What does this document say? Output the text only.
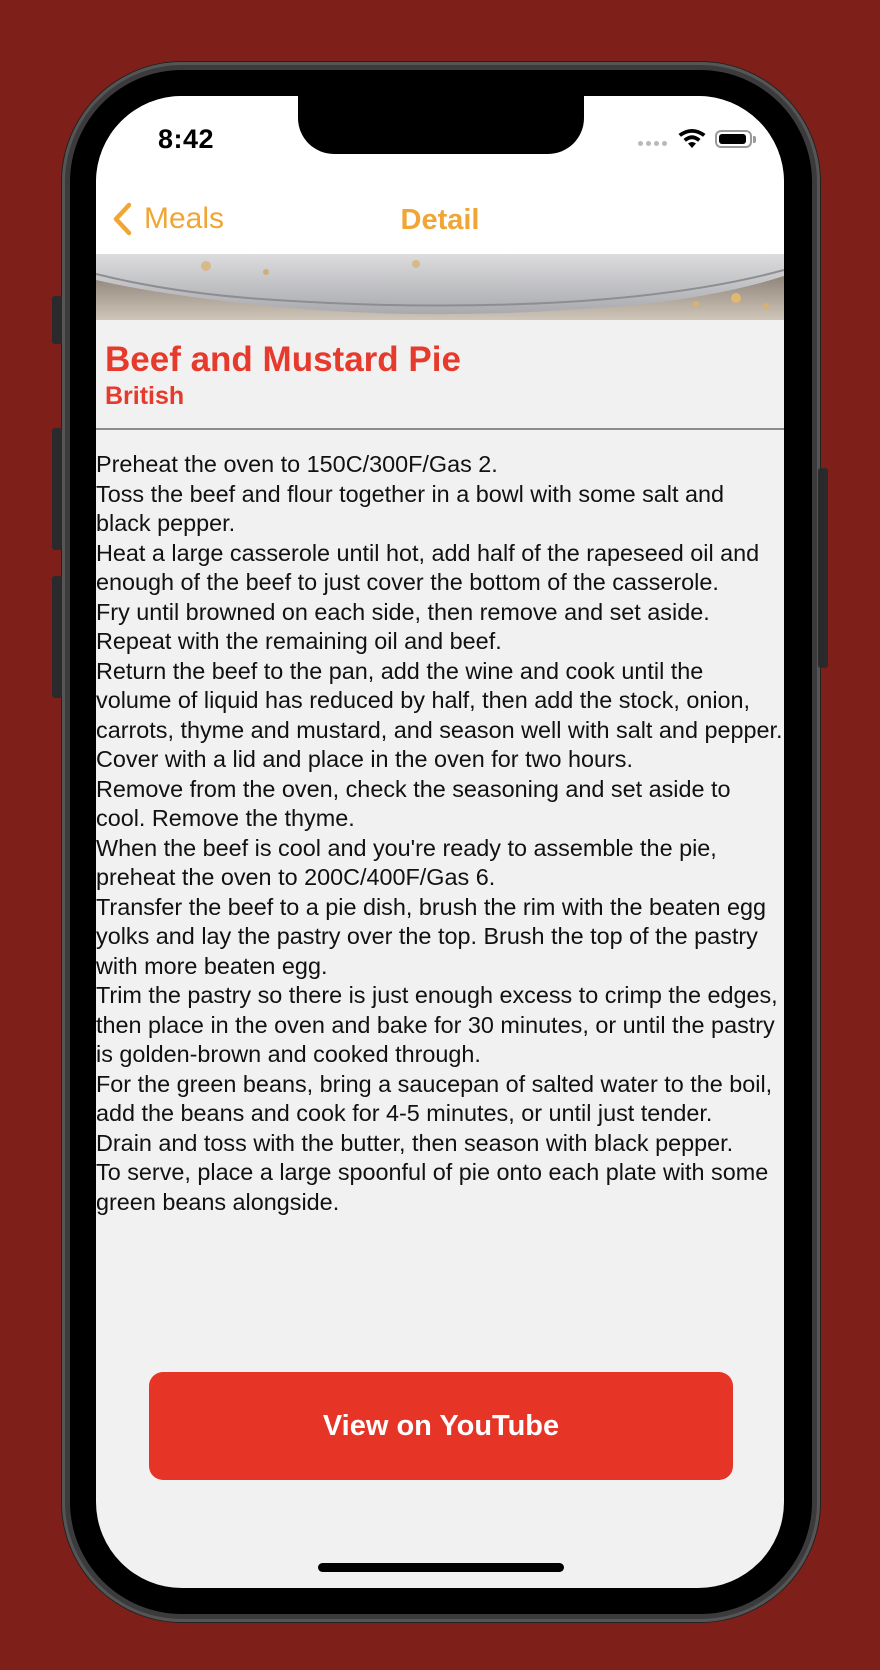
8:42
Meals	Detail
Beef and Mustard Pie
British
Preheat the oven to 150C/300F/Gas 2.
Toss the beef and flour together in a bowl with some salt and black pepper.
Heat a large casserole until hot, add half of the rapeseed oil and enough of the beef to just cover the bottom of the casserole.
Fry until browned on each side, then remove and set aside. Repeat with the remaining oil and beef.
Return the beef to the pan, add the wine and cook until the volume of liquid has reduced by half, then add the stock, onion, carrots, thyme and mustard, and season well with salt and pepper.
Cover with a lid and place in the oven for two hours.
Remove from the oven, check the seasoning and set aside to cool. Remove the thyme.
When the beef is cool and you're ready to assemble the pie, preheat the oven to 200C/400F/Gas 6.
Transfer the beef to a pie dish, brush the rim with the beaten egg yolks and lay the pastry over the top. Brush the top of the pastry with more beaten egg.
Trim the pastry so there is just enough excess to crimp the edges, then place in the oven and bake for 30 minutes, or until the pastry is golden-brown and cooked through.
For the green beans, bring a saucepan of salted water to the boil, add the beans and cook for 4-5 minutes, or until just tender.
Drain and toss with the butter, then season with black pepper.
To serve, place a large spoonful of pie onto each plate with some green beans alongside.
View on YouTube
